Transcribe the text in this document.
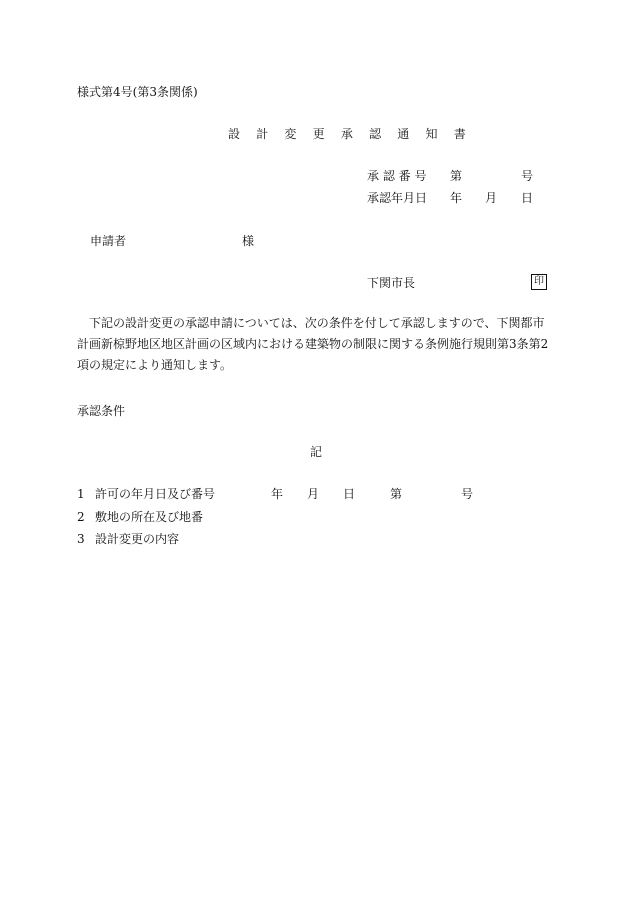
様式第4号(第3条関係)
設 計 変 更 承 認 通 知 書
承 認 番 号 第	号
承認年月日 年 月 日
申請者	様
下関市長	印
下記の設計変更の承認申請については、次の条件を付して承認しますので、下関都市計画新椋野地区地区計画の区域内における建築物の制限に関する条例施行規則第3条第2項の規定により通知します。
承認条件
記
1 許可の年月日及び番号	年 月 日	第	号
2 敷地の所在及び地番
3 設計変更の内容
